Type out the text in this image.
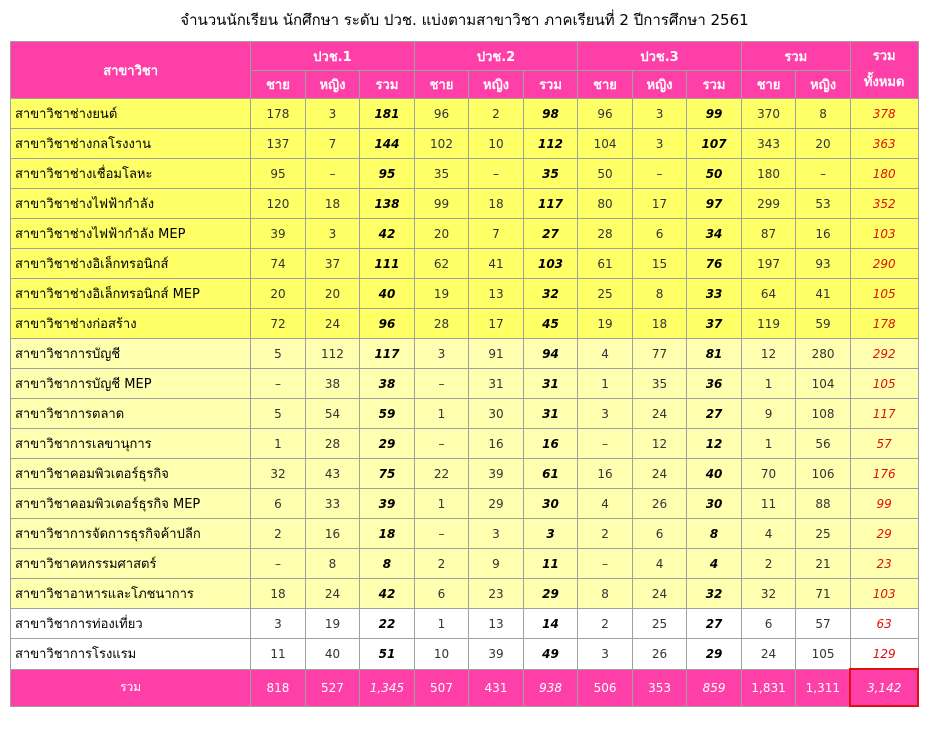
จำนวนนักเรียน นักศึกษา ระดับ ปวช. แบ่งตามสาขาวิชา ภาคเรียนที่ 2 ปีการศึกษา 2561
สาขาวิชา	ปวช.1			ปวช.2			ปวช.3			รวม		รวม
ทั้งหมด
	ชาย	หญิง	รวม	ชาย	หญิง	รวม	ชาย	หญิง	รวม	ชาย	หญิง	
สาขาวิชาช่างยนต์	178	3	181	96	2	98	96	3	99	370	8	378
สาขาวิชาช่างกลโรงงาน	137	7	144	102	10	112	104	3	107	343	20	363
สาขาวิชาช่างเชื่อมโลหะ	95	–	95	35	–	35	50	–	50	180	–	180
สาขาวิชาช่างไฟฟ้ากำลัง	120	18	138	99	18	117	80	17	97	299	53	352
สาขาวิชาช่างไฟฟ้ากำลัง MEP	39	3	42	20	7	27	28	6	34	87	16	103
สาขาวิชาช่างอิเล็กทรอนิกส์	74	37	111	62	41	103	61	15	76	197	93	290
สาขาวิชาช่างอิเล็กทรอนิกส์ MEP	20	20	40	19	13	32	25	8	33	64	41	105
สาขาวิชาช่างก่อสร้าง	72	24	96	28	17	45	19	18	37	119	59	178
สาขาวิชาการบัญชี	5	112	117	3	91	94	4	77	81	12	280	292
สาขาวิชาการบัญชี MEP	–	38	38	–	31	31	1	35	36	1	104	105
สาขาวิชาการตลาด	5	54	59	1	30	31	3	24	27	9	108	117
สาขาวิชาการเลขานุการ	1	28	29	–	16	16	–	12	12	1	56	57
สาขาวิชาคอมพิวเตอร์ธุรกิจ	32	43	75	22	39	61	16	24	40	70	106	176
สาขาวิชาคอมพิวเตอร์ธุรกิจ MEP	6	33	39	1	29	30	4	26	30	11	88	99
สาขาวิชาการจัดการธุรกิจค้าปลีก	2	16	18	–	3	3	2	6	8	4	25	29
สาขาวิชาคหกรรมศาสตร์	–	8	8	2	9	11	–	4	4	2	21	23
สาขาวิชาอาหารและโภชนาการ	18	24	42	6	23	29	8	24	32	32	71	103
สาขาวิชาการท่องเที่ยว	3	19	22	1	13	14	2	25	27	6	57	63
สาขาวิชาการโรงแรม	11	40	51	10	39	49	3	26	29	24	105	129
รวม	818	527	1,345	507	431	938	506	353	859	1,831	1,311	3,142
